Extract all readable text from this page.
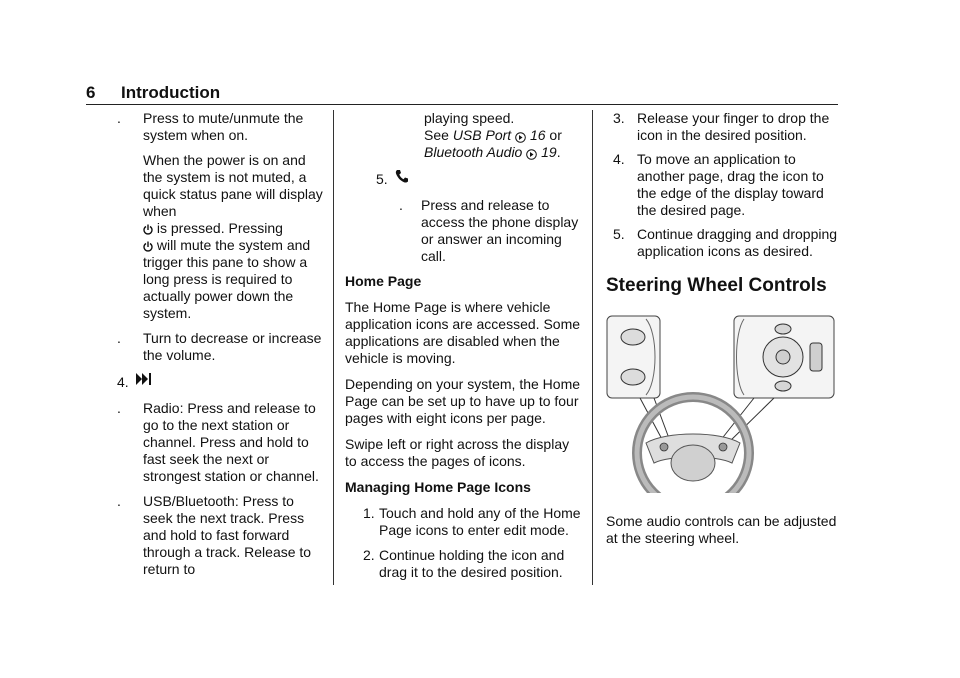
6 Introduction
. Press to mute/unmute the system when on.
When the power is on and the system is not muted, a quick status pane will display when
is pressed. Pressing
will mute the system and trigger this pane to show a long press is required to actually power down the system.
. Turn to decrease or increase the volume.
4.
. Radio: Press and release to go to the next station or channel. Press and hold to fast seek the next or strongest station or channel.
. USB/Bluetooth: Press to seek the next track. Press and hold to fast forward through a track. Release to return to
playing speed.
See USB Port 16 or
Bluetooth Audio 19.
5.
. Press and release to access the phone display or answer an incoming call.

Home Page

The Home Page is where vehicle application icons are accessed. Some applications are disabled when the vehicle is moving.

Depending on your system, the Home Page can be set up to have up to four pages with eight icons per page.

Swipe left or right across the display to access the pages of icons.

Managing Home Page Icons

1. Touch and hold any of the Home Page icons to enter edit mode.
2. Continue holding the icon and drag it to the desired position.
3. Release your finger to drop the icon in the desired position.
4. To move an application to another page, drag the icon to the edge of the display toward the desired page.
5. Continue dragging and dropping application icons as desired.
Steering Wheel Controls

Some audio controls can be adjusted at the steering wheel.
